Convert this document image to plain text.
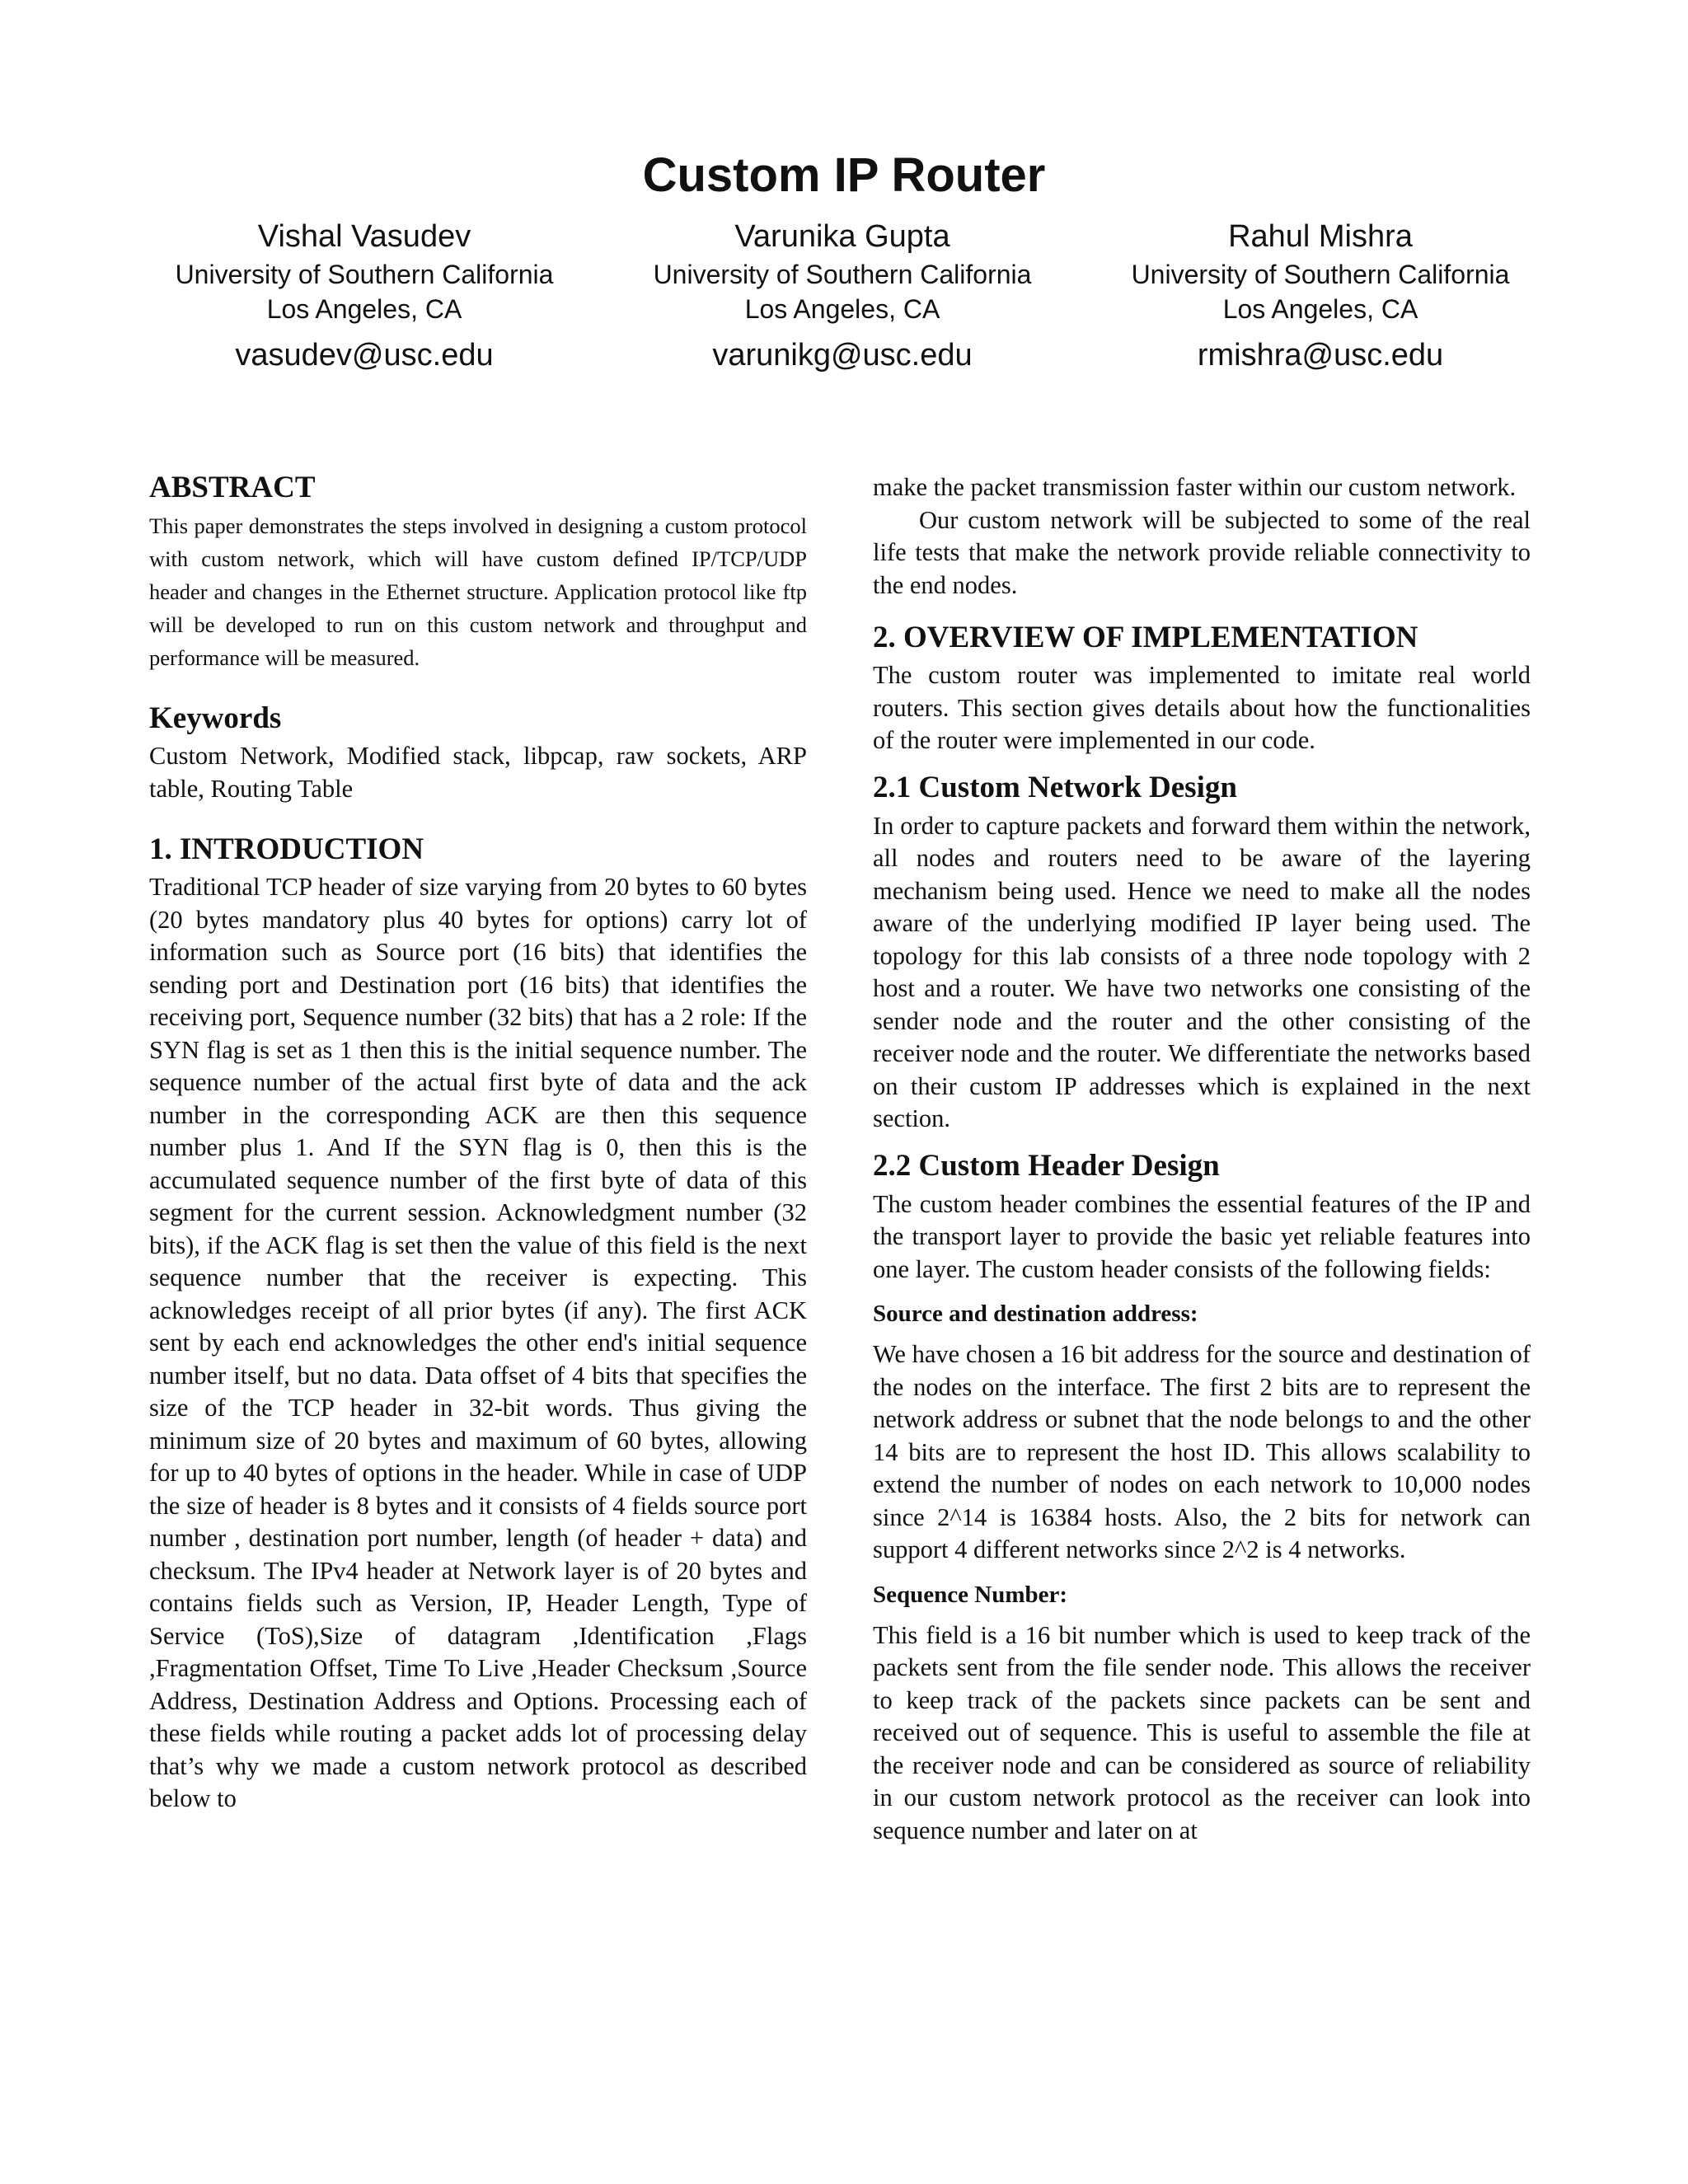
Custom IP Router
Vishal Vasudev
University of Southern California
Los Angeles, CA
vasudev@usc.edu
Varunika Gupta
University of Southern California
Los Angeles, CA
varunikg@usc.edu
Rahul Mishra
University of Southern California
Los Angeles, CA
rmishra@usc.edu
ABSTRACT

This paper demonstrates the steps involved in designing a custom protocol with custom network, which will have custom defined IP/TCP/UDP header and changes in the Ethernet structure. Application protocol like ftp will be developed to run on this custom network and throughput and performance will be measured.

Keywords

Custom Network, Modified stack, libpcap, raw sockets, ARP table, Routing Table

1. INTRODUCTION

Traditional TCP header of size varying from 20 bytes to 60 bytes (20 bytes mandatory plus 40 bytes for options) carry lot of information such as Source port (16 bits) that identifies the sending port and Destination port (16 bits) that identifies the receiving port, Sequence number (32 bits) that has a 2 role: If the SYN flag is set as 1 then this is the initial sequence number. The sequence number of the actual first byte of data and the ack number in the corresponding ACK are then this sequence number plus 1. And If the SYN flag is 0, then this is the accumulated sequence number of the first byte of data of this segment for the current session. Acknowledgment number (32 bits), if the ACK flag is set then the value of this field is the next sequence number that the receiver is expecting. This acknowledges receipt of all prior bytes (if any). The first ACK sent by each end acknowledges the other end's initial sequence number itself, but no data. Data offset of 4 bits that specifies the size of the TCP header in 32-bit words. Thus giving the minimum size of 20 bytes and maximum of 60 bytes, allowing for up to 40 bytes of options in the header. While in case of UDP the size of header is 8 bytes and it consists of 4 fields source port number , destination port number, length (of header + data) and checksum. The IPv4 header at Network layer is of 20 bytes and contains fields such as Version, IP, Header Length, Type of Service (ToS),Size of datagram ,Identification ,Flags ,Fragmentation Offset, Time To Live ,Header Checksum ,Source Address, Destination Address and Options. Processing each of these fields while routing a packet adds lot of processing delay that’s why we made a custom network protocol as described below to

make the packet transmission faster within our custom network.

Our custom network will be subjected to some of the real life tests that make the network provide reliable connectivity to the end nodes.

2. OVERVIEW OF IMPLEMENTATION

The custom router was implemented to imitate real world routers. This section gives details about how the functionalities of the router were implemented in our code.

2.1 Custom Network Design

In order to capture packets and forward them within the network, all nodes and routers need to be aware of the layering mechanism being used. Hence we need to make all the nodes aware of the underlying modified IP layer being used. The topology for this lab consists of a three node topology with 2 host and a router. We have two networks one consisting of the sender node and the router and the other consisting of the receiver node and the router. We differentiate the networks based on their custom IP addresses which is explained in the next section.

2.2 Custom Header Design

The custom header combines the essential features of the IP and the transport layer to provide the basic yet reliable features into one layer. The custom header consists of the following fields:

Source and destination address:

We have chosen a 16 bit address for the source and destination of the nodes on the interface. The first 2 bits are to represent the network address or subnet that the node belongs to and the other 14 bits are to represent the host ID. This allows scalability to extend the number of nodes on each network to 10,000 nodes since 2^14 is 16384 hosts. Also, the 2 bits for network can support 4 different networks since 2^2 is 4 networks.

Sequence Number:

This field is a 16 bit number which is used to keep track of the packets sent from the file sender node. This allows the receiver to keep track of the packets since packets can be sent and received out of sequence. This is useful to assemble the file at the receiver node and can be considered as source of reliability in our custom network protocol as the receiver can look into sequence number and later on at
